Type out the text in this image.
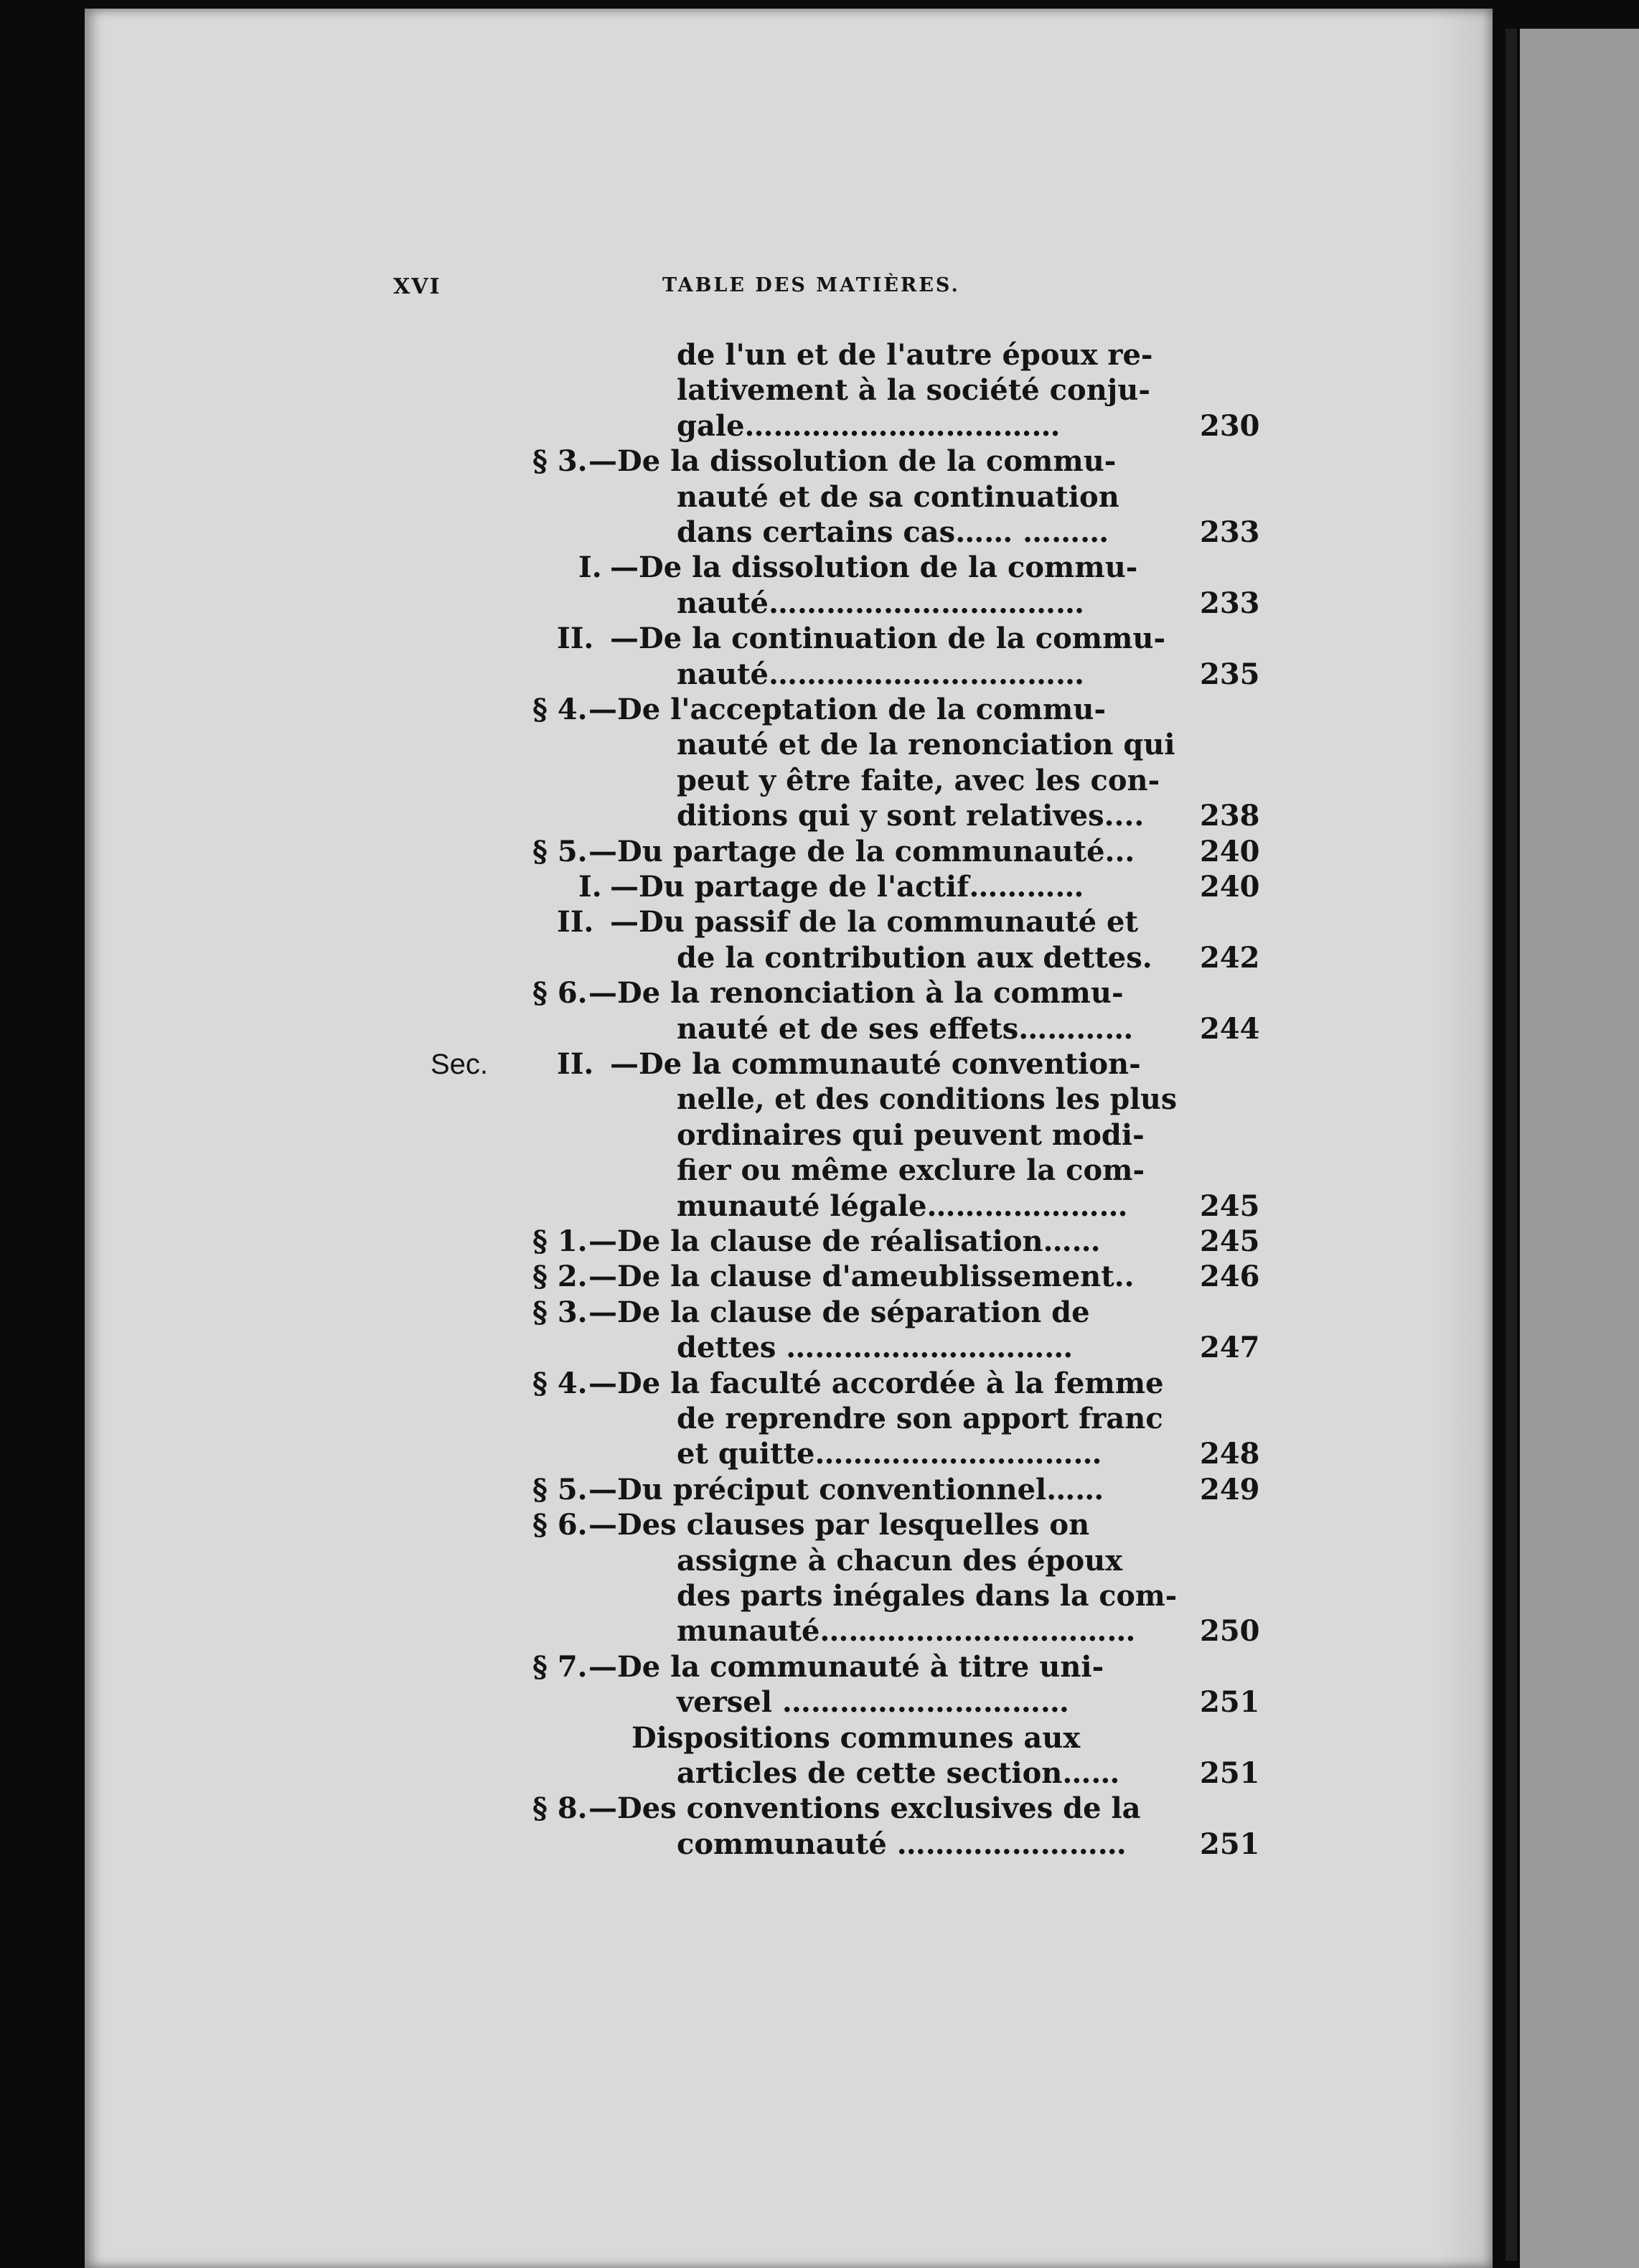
XVI	TABLE DES MATIÈRES.
de l'un et de l'autre époux re-
lativement à la société conju-
gale……………………………	230
§ 3. —De la dissolution de la commu-
nauté et de sa continuation
dans certains cas…… ………	233
I. —De la dissolution de la commu-
nauté……………………………	233
II. —De la continuation de la commu-
nauté……………………………	235
§ 4. —De l'acceptation de la commu-
nauté et de la renonciation qui
peut y être faite, avec les con-
ditions qui y sont relatives.... 238
§ 5. —Du partage de la communauté... 240
I. —Du partage de l'actif…………	240
II. —Du passif de la communauté et
de la contribution aux dettes. 242
§ 6. —De la renonciation à la commu-
nauté et de ses effets………… 244
Sec. II. —De la communauté convention-
nelle, et des conditions les plus
ordinaires qui peuvent modi-
fier ou même exclure la com-
munauté légale…………………	245
§ 1. —De la clause de réalisation……	245
§ 2. —De la clause d'ameublissement.. 246
§ 3. —De la clause de séparation de
dettes …………………………	247
§ 4. —De la faculté accordée à la femme
de reprendre son apport franc
et quitte…………………………	248
§ 5. —Du préciput conventionnel……	249
§ 6. —Des clauses par lesquelles on
assigne à chacun des époux
des parts inégales dans la com-
munauté…………………………… 250
§ 7. —De la communauté à titre uni-
versel …………………………	251
Dispositions communes aux
articles de cette section……	251
§ 8. —Des conventions exclusives de la
communauté ……………………	251
